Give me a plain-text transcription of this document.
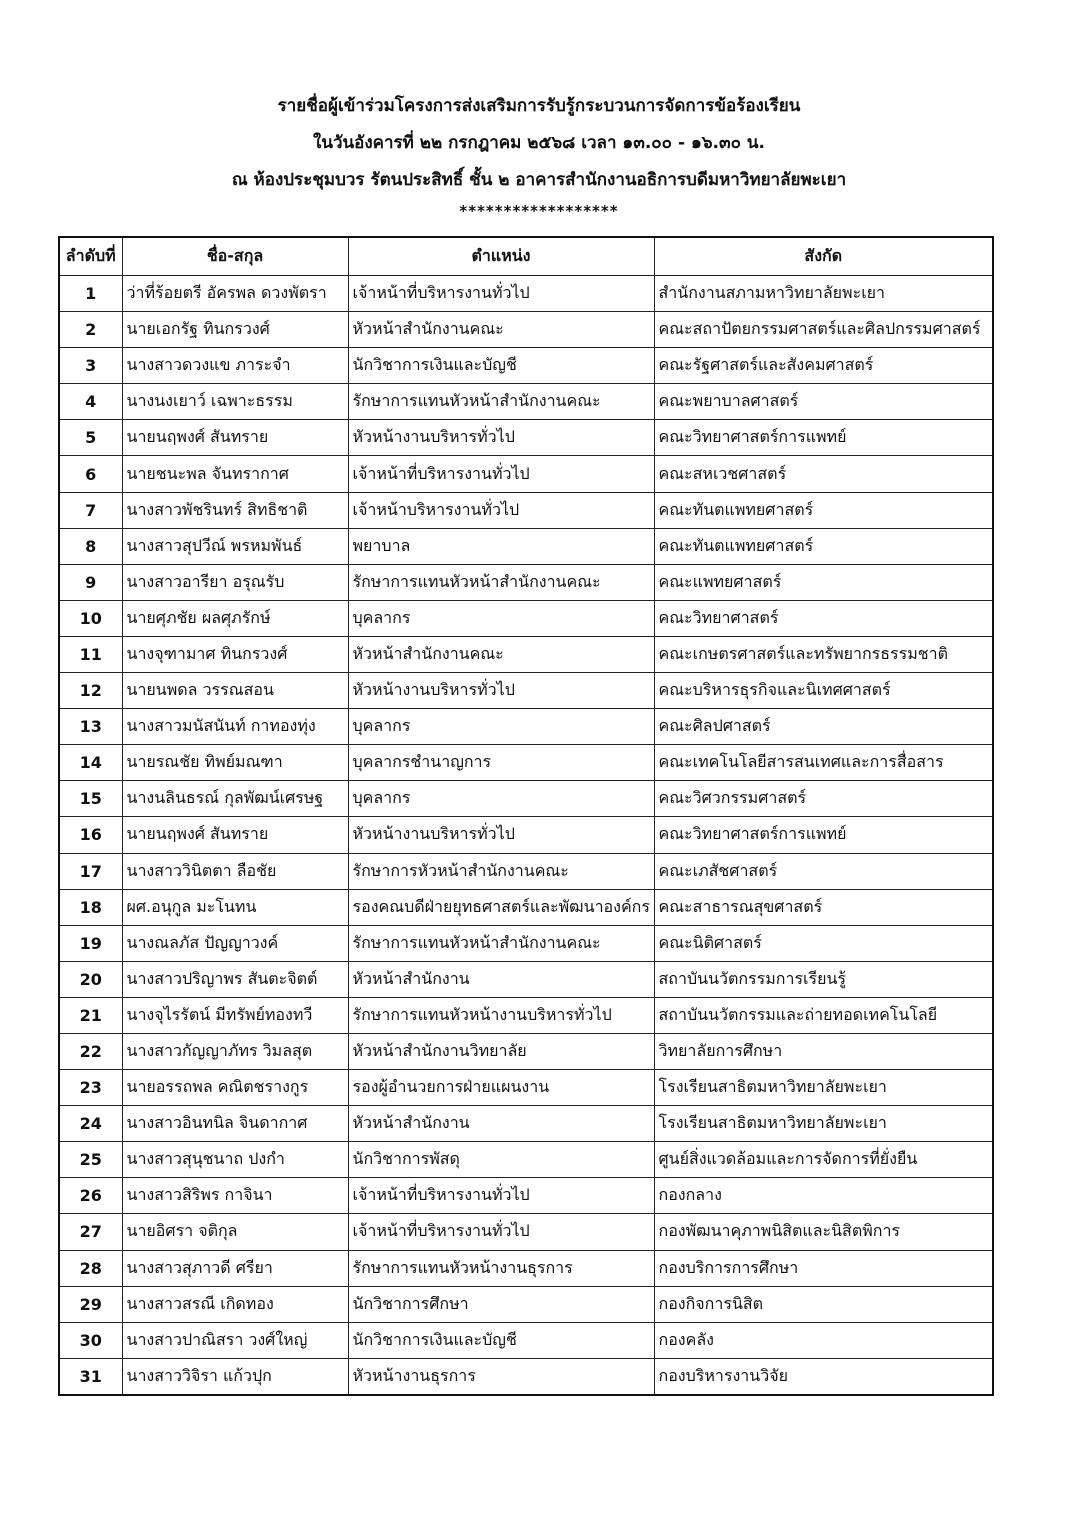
รายชื่อผู้เข้าร่วมโครงการส่งเสริมการรับรู้กระบวนการจัดการข้อร้องเรียน
ในวันอังคารที่ ๒๒ กรกฎาคม ๒๕๖๘ เวลา ๑๓.๐๐ - ๑๖.๓๐ น.
ณ ห้องประชุมบวร รัตนประสิทธิ์ ชั้น ๒ อาคารสำนักงานอธิการบดีมหาวิทยาลัยพะเยา
******************
ลำดับที่	ชื่อ-สกุล	ตำแหน่ง	สังกัด
1	ว่าที่ร้อยตรี อัครพล ดวงพัตรา	เจ้าหน้าที่บริหารงานทั่วไป	สำนักงานสภามหาวิทยาลัยพะเยา
2	นายเอกรัฐ ทินกรวงศ์	หัวหน้าสำนักงานคณะ	คณะสถาปัตยกรรมศาสตร์และศิลปกรรมศาสตร์
3	นางสาวดวงแข ภาระจำ	นักวิชาการเงินและบัญชี	คณะรัฐศาสตร์และสังคมศาสตร์
4	นางนงเยาว์ เฉพาะธรรม	รักษาการแทนหัวหน้าสำนักงานคณะ	คณะพยาบาลศาสตร์
5	นายนฤพงศ์ สันทราย	หัวหน้างานบริหารทั่วไป	คณะวิทยาศาสตร์การแพทย์
6	นายชนะพล จันทรากาศ	เจ้าหน้าที่บริหารงานทั่วไป	คณะสหเวชศาสตร์
7	นางสาวพัชรินทร์ สิทธิชาติ	เจ้าหน้าบริหารงานทั่วไป	คณะทันตแพทยศาสตร์
8	นางสาวสุปวีณ์ พรหมพันธ์	พยาบาล	คณะทันตแพทยศาสตร์
9	นางสาวอารียา อรุณรับ	รักษาการแทนหัวหน้าสำนักงานคณะ	คณะแพทยศาสตร์
10	นายศุภชัย ผลศุภรักษ์	บุคลากร	คณะวิทยาศาสตร์
11	นางจุฑามาศ ทินกรวงศ์	หัวหน้าสำนักงานคณะ	คณะเกษตรศาสตร์และทรัพยากรธรรมชาติ
12	นายนพดล วรรณสอน	หัวหน้างานบริหารทั่วไป	คณะบริหารธุรกิจและนิเทศศาสตร์
13	นางสาวมนัสนันท์ กาทองทุ่ง	บุคลากร	คณะศิลปศาสตร์
14	นายรณชัย ทิพย์มณฑา	บุคลากรชำนาญการ	คณะเทคโนโลยีสารสนเทศและการสื่อสาร
15	นางนลินธรณ์ กุลพัฒน์เศรษฐ	บุคลากร	คณะวิศวกรรมศาสตร์
16	นายนฤพงศ์ สันทราย	หัวหน้างานบริหารทั่วไป	คณะวิทยาศาสตร์การแพทย์
17	นางสาววินิตตา ลือชัย	รักษาการหัวหน้าสำนักงานคณะ	คณะเภสัชศาสตร์
18	ผศ.อนุกูล มะโนทน	รองคณบดีฝ่ายยุทธศาสตร์และพัฒนาองค์กร	คณะสาธารณสุขศาสตร์
19	นางณลภัส ปัญญาวงค์	รักษาการแทนหัวหน้าสำนักงานคณะ	คณะนิติศาสตร์
20	นางสาวปริญาพร สันตะจิตต์	หัวหน้าสำนักงาน	สถาบันนวัตกรรมการเรียนรู้
21	นางจุไรรัตน์ มีทรัพย์ทองทวี	รักษาการแทนหัวหน้างานบริหารทั่วไป	สถาบันนวัตกรรมและถ่ายทอดเทคโนโลยี
22	นางสาวกัญญาภัทร วิมลสุต	หัวหน้าสำนักงานวิทยาลัย	วิทยาลัยการศึกษา
23	นายอรรถพล คณิตชรางกูร	รองผู้อำนวยการฝ่ายแผนงาน	โรงเรียนสาธิตมหาวิทยาลัยพะเยา
24	นางสาวอินทนิล จินดากาศ	หัวหน้าสำนักงาน	โรงเรียนสาธิตมหาวิทยาลัยพะเยา
25	นางสาวสุนุชนาถ ปงกำ	นักวิชาการพัสดุ	ศูนย์สิ่งแวดล้อมและการจัดการที่ยั่งยืน
26	นางสาวสิริพร กาจินา	เจ้าหน้าที่บริหารงานทั่วไป	กองกลาง
27	นายอิศรา จติกุล	เจ้าหน้าที่บริหารงานทั่วไป	กองพัฒนาคุภาพนิสิตและนิสิตพิการ
28	นางสาวสุภาวดี ศรียา	รักษาการแทนหัวหน้างานธุรการ	กองบริการการศึกษา
29	นางสาวสรณี เกิดทอง	นักวิชาการศึกษา	กองกิจการนิสิต
30	นางสาวปาณิสรา วงศ์ใหญ่	นักวิชาการเงินและบัญชี	กองคลัง
31	นางสาววิจิรา แก้วปุก	หัวหน้างานธุรการ	กองบริหารงานวิจัย
